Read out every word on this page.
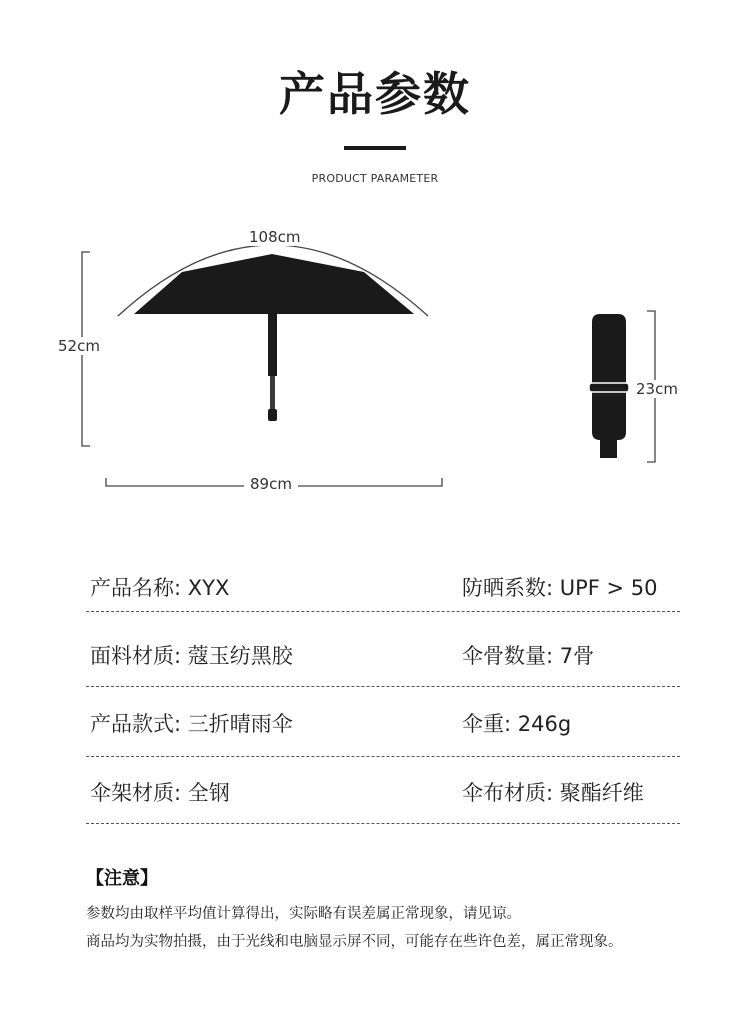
产品参数
PRODUCT PARAMETER
108cm
52cm
89cm
23cm
产品名称: XYX	防晒系数: UPF > 50
面料材质: 蔻玉纺黑胶	伞骨数量: 7骨
产品款式: 三折晴雨伞	伞重: 246g
伞架材质: 全钢	伞布材质: 聚酯纤维
【注意】
参数均由取样平均值计算得出，实际略有误差属正常现象，请见谅。
商品均为实物拍摄，由于光线和电脑显示屏不同，可能存在些许色差，属正常现象。
